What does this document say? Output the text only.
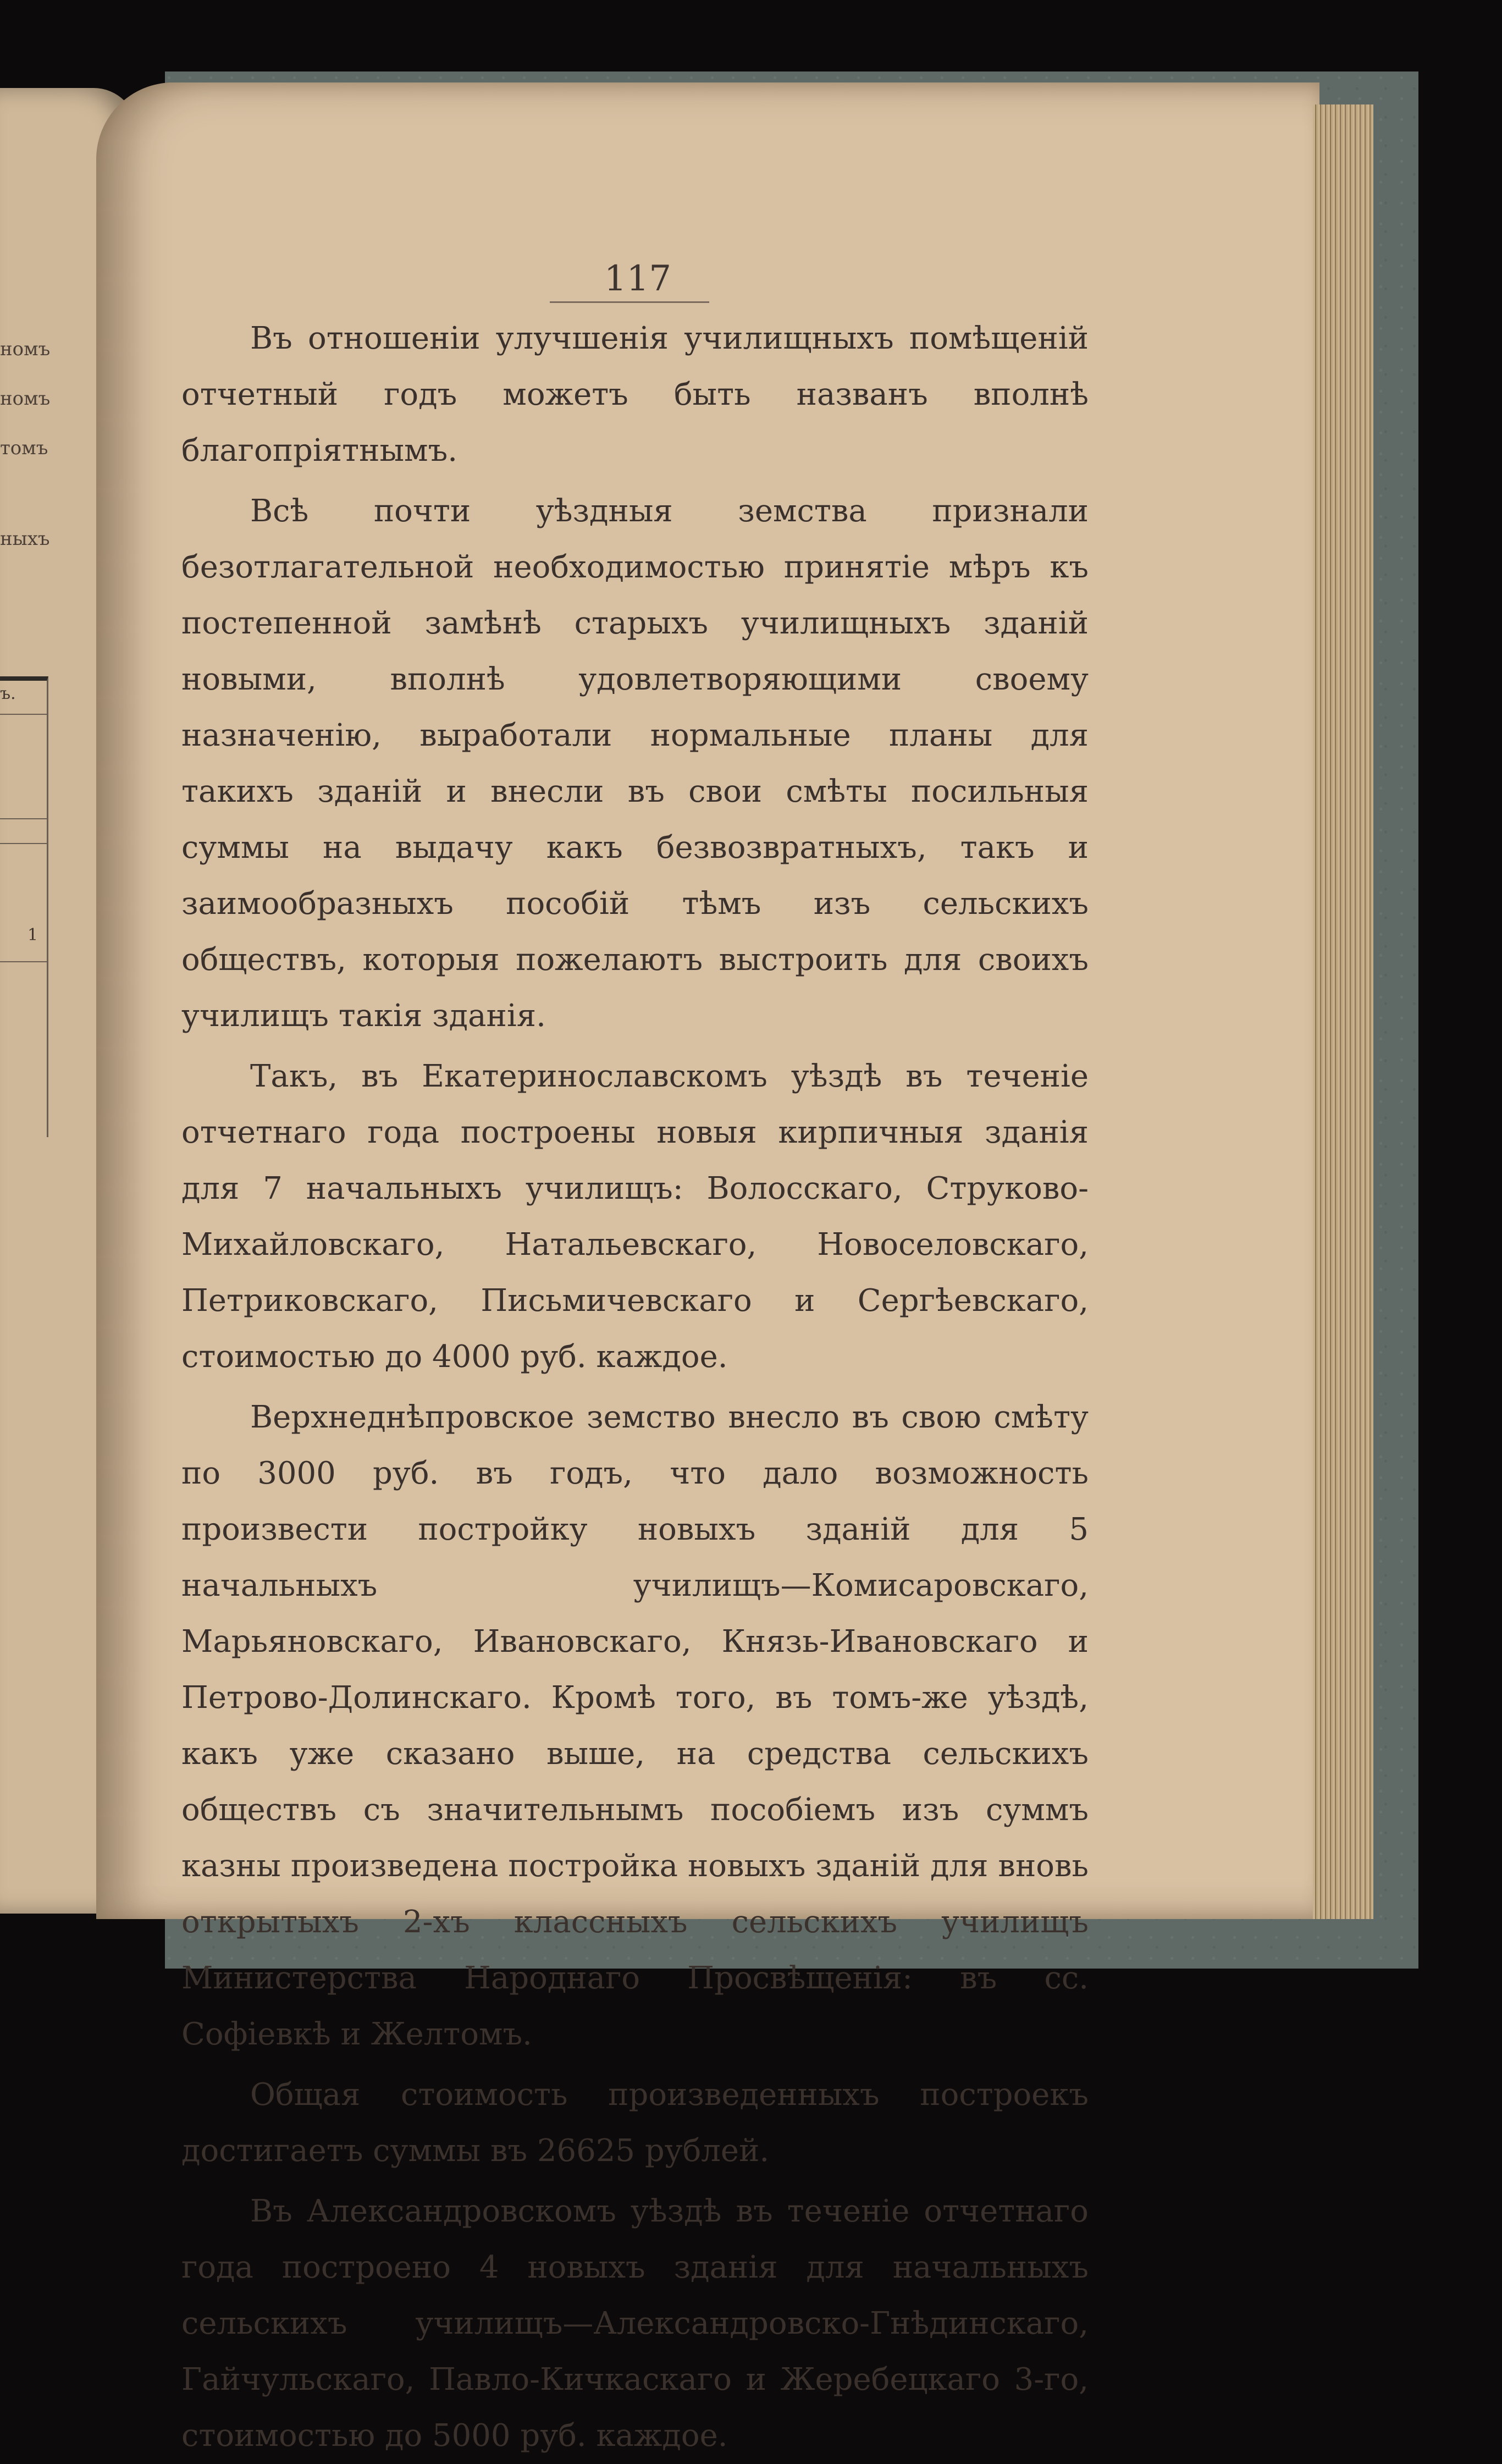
номъ
номъ
томъ
ныхъ
ъ.
1
117

Въ отношеніи улучшенія училищныхъ помѣщеній отчетный годъ можетъ быть названъ вполнѣ благопріятнымъ.

Всѣ почти уѣздныя земства признали безотлагательной необходимостью принятіе мѣръ къ постепенной замѣнѣ старыхъ училищныхъ зданій новыми, вполнѣ удовлетворяющими своему назначенію, выработали нормальные планы для такихъ зданій и внесли въ свои смѣты посильныя суммы на выдачу какъ безвозвратныхъ, такъ и заимообразныхъ пособій тѣмъ изъ сельскихъ обществъ, которыя пожелаютъ выстроить для своихъ училищъ такія зданія.

Такъ, въ Екатеринославскомъ уѣздѣ въ теченіе отчетнаго года построены новыя кирпичныя зданія для 7 начальныхъ училищъ: Волосскаго, Струково-Михайловскаго, Натальевскаго, Новоселовскаго, Петриковскаго, Письмичевскаго и Сергѣевскаго, стоимостью до 4000 руб. каждое.

Верхнеднѣпровское земство внесло въ свою смѣту по 3000 руб. въ годъ, что дало возможность произвести постройку новыхъ зданій для 5 начальныхъ училищъ—Комисаровскаго, Марьяновскаго, Ивановскаго, Князь-Ивановскаго и Петрово-Долинскаго. Кромѣ того, въ томъ-же уѣздѣ, какъ уже сказано выше, на средства сельскихъ обществъ съ значительнымъ пособіемъ изъ суммъ казны произведена постройка новыхъ зданій для вновь открытыхъ 2-хъ классныхъ сельскихъ училищъ Министерства Народнаго Просвѣщенія: въ сс. Софіевкѣ и Желтомъ.

Общая стоимость произведенныхъ построекъ достигаетъ суммы въ 26625 рублей.

Въ Александровскомъ уѣздѣ въ теченіе отчетнаго года построено 4 новыхъ зданія для начальныхъ сельскихъ училищъ—Александровско-Гнѣдинскаго, Гайчульскаго, Павло-Кичкаскаго и Жеребецкаго 3-го, стоимостью до 5000 руб. каждое.
